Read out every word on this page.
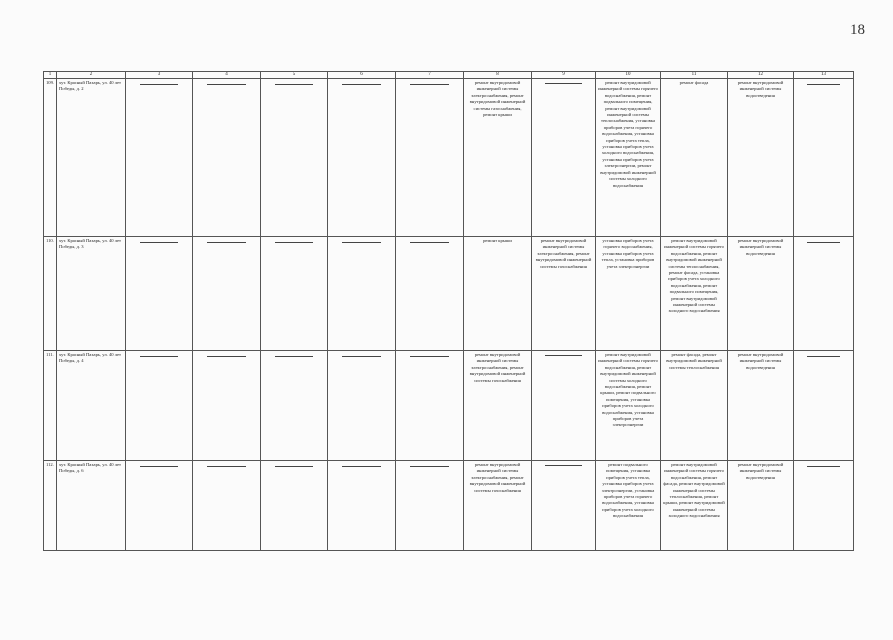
18
1	2	3	4	5	6	7	8	9	10	11	12	13
109.	хут. Красный Пахарь, ул. 40 лет Победы, д. 2						ремонт внутридомовой инженерной системы электроснабжения, ремонт внутридомовой инженерной системы газоснабжения, ремонт крыши		ремонт внутридомовой инженерной системы горячего водоснабжения, ремонт подвального помещения, ремонт внутридомовой инженерной системы теплоснабжения, установка приборов учета горячего водоснабжения, установка приборов учета тепла, установка приборов учета холодного водоснабжения, установка приборов учета электроэнергии, ремонт внутридомовой инженерной системы холодного водоснабжения	ремонт фасада	ремонт внутридомовой инженерной системы водоотведения	

110.	хут. Красный Пахарь, ул. 40 лет Победы, д. 3						ремонт крыши	ремонт внутридомовой инженерной системы электроснабжения, ремонт внутридомовой инженерной системы газоснабжения	установка приборов учета горячего водоснабжения, установка приборов учета тепла, установка приборов учета электроэнергии	ремонт внутридомовой инженерной системы горячего водоснабжения, ремонт внутридомовой инженерной системы теплоснабжения, ремонт фасада, установка приборов учета холодного водоснабжения, ремонт подвального помещения, ремонт внутридомовой инженерной системы холодного водоснабжения	ремонт внутридомовой инженерной системы водоотведения	

111.	хут. Красный Пахарь, ул. 40 лет Победы, д. 4						ремонт внутридомовой инженерной системы электроснабжения, ремонт внутридомовой инженерной системы газоснабжения		ремонт внутридомовой инженерной системы горячего водоснабжения, ремонт внутридомовой инженерной системы холодного водоснабжения, ремонт крыши, ремонт подвального помещения, установка приборов учета холодного водоснабжения, установка приборов учета электроэнергии	ремонт фасада, ремонт внутридомовой инженерной системы теплоснабжения	ремонт внутридомовой инженерной системы водоотведения	

112.	хут. Красный Пахарь, ул. 40 лет Победы, д. 6						ремонт внутридомовой инженерной системы электроснабжения, ремонт внутридомовой инженерной системы газоснабжения		ремонт подвального помещения, установка приборов учета тепла, установка приборов учета электроэнергии, установка приборов учета горячего водоснабжения, установка приборов учета холодного водоснабжения	ремонт внутридомовой инженерной системы горячего водоснабжения, ремонт фасада, ремонт внутридомовой инженерной системы теплоснабжения, ремонт крыши, ремонт внутридомовой инженерной системы холодного водоснабжения	ремонт внутридомовой инженерной системы водоотведения	
